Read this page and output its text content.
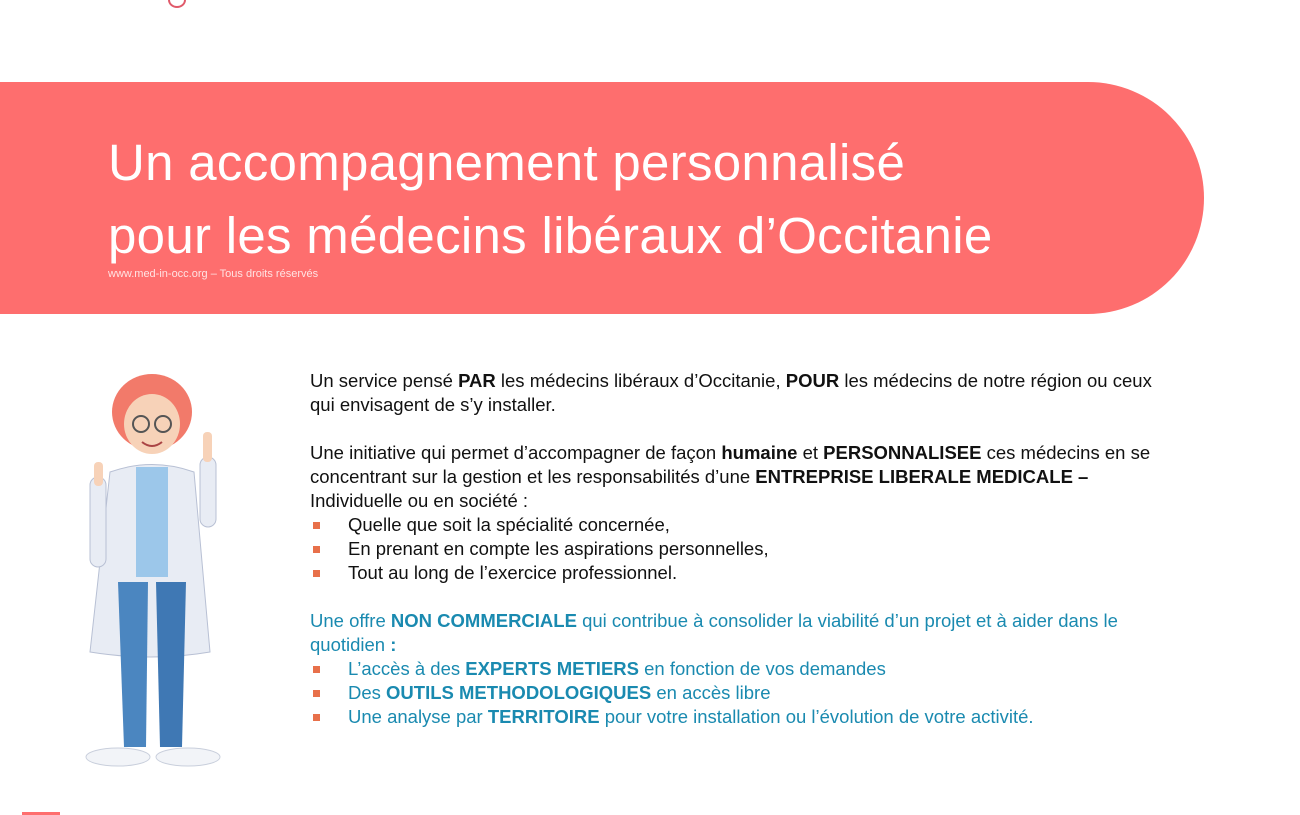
Un accompagnement personnalisé
pour les médecins libéraux d’Occitanie
www.med-in-occ.org – Tous droits réservés

Un service pensé PAR les médecins libéraux d’Occitanie, POUR les médecins de notre région ou ceux qui envisagent de s’y installer.

Une initiative qui permet d’accompagner de façon humaine et PERSONNALISEE ces médecins en se concentrant sur la gestion et les responsabilités d’une ENTREPRISE LIBERALE MEDICALE – Individuelle ou en société :
Quelle que soit la spécialité concernée,
En prenant en compte les aspirations personnelles,
Tout au long de l’exercice professionnel.
Une offre NON COMMERCIALE qui contribue à consolider la viabilité d’un projet et à aider dans le quotidien :
L’accès à des EXPERTS METIERS en fonction de vos demandes
Des OUTILS METHODOLOGIQUES en accès libre
Une analyse par TERRITOIRE pour votre installation ou l’évolution de votre activité.
